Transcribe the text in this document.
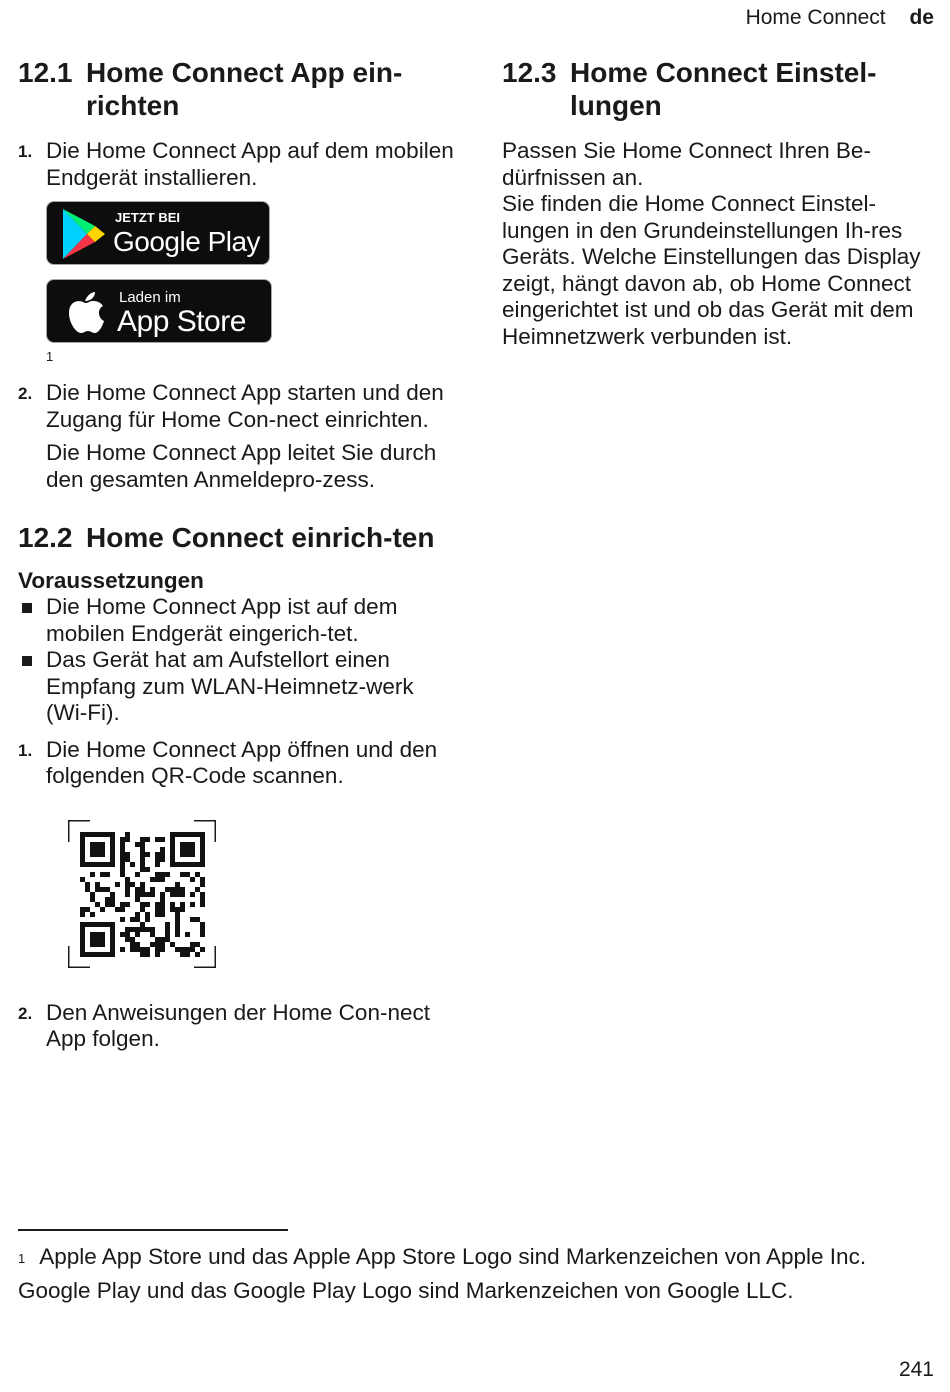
Home Connect de
12.1 Home Connect App ein-richten
1. Die Home Connect App auf dem mobilen Endgerät installieren.
JETZT BEI
Google Play
Laden im
App Store
1
2. Die Home Connect App starten und den Zugang für Home Con-nect einrichten.
Die Home Connect App leitet Sie durch den gesamten Anmeldepro-zess.
12.2 Home Connect einrich-ten
Voraussetzungen
Die Home Connect App ist auf dem mobilen Endgerät eingerich-tet.
Das Gerät hat am Aufstellort einen Empfang zum WLAN-Heimnetz-werk (Wi-Fi).
1. Die Home Connect App öffnen und den folgenden QR-Code scannen.
2. Den Anweisungen der Home Con-nect App folgen.
12.3 Home Connect Einstel-lungen
Passen Sie Home Connect Ihren Be-dürfnissen an.
Sie finden die Home Connect Einstel-lungen in den Grundeinstellungen Ih-res Geräts. Welche Einstellungen das Display zeigt, hängt davon ab, ob Home Connect eingerichtet ist und ob das Gerät mit dem Heimnetzwerk verbunden ist.
$^1$ Apple App Store und das Apple App Store Logo sind Markenzeichen von Apple Inc. Google Play und das Google Play Logo sind Markenzeichen von Google LLC.
241
